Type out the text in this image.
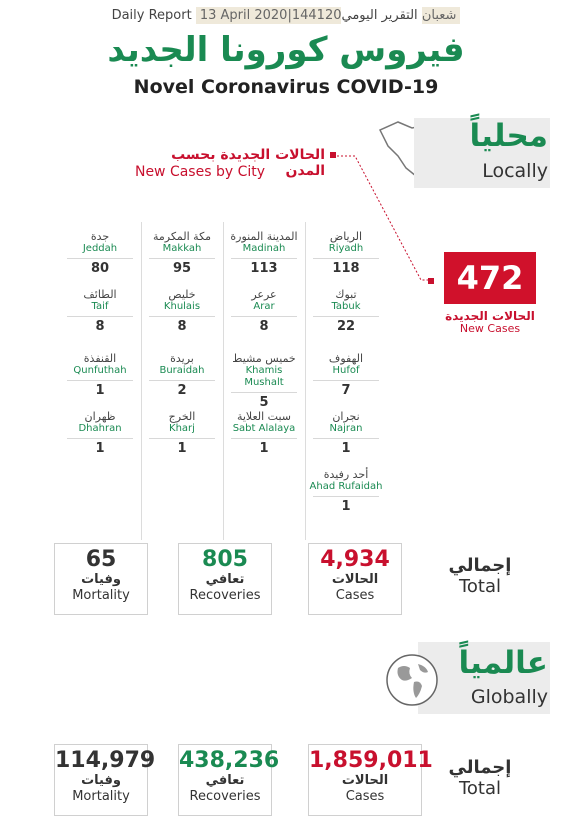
Daily Report 13 April 2020|144120شعبان التقرير اليومي
فيروس كورونا الجديد
Novel Coronavirus COVID-19
محلياً
Locally
الحالات الجديدة بحسب المدن
New Cases by City
الرياض
Riyadh
118
المدينة المنورة
Madinah
113
مكة المكرمة
Makkah
95
جدة
Jeddah
80
تبوك
Tabuk
22
عرعر
Arar
8
خليص
Khulais
8
الطائف
Taif
8
الهفوف
Hufof
7
خميس مشيط
Khamis Mushalt
5
بريدة
Buraidah
2
القنفذة
Qunfuthah
1
نجران
Najran
1
سبت العلاية
Sabt Alalaya
1
الخرج
Kharj
1
ظهران
Dhahran
1
أحد رفيدة
Ahad Rufaidah
1
472
الحالات الجديدة
New Cases
65
وفيات
Mortality
805
تعافي
Recoveries
4,934
الحالات
Cases
إجمالي
Total
عالمياً
Globally
114,979
وفيات
Mortality
438,236
تعافي
Recoveries
1,859,011
الحالات
Cases
إجمالي
Total
